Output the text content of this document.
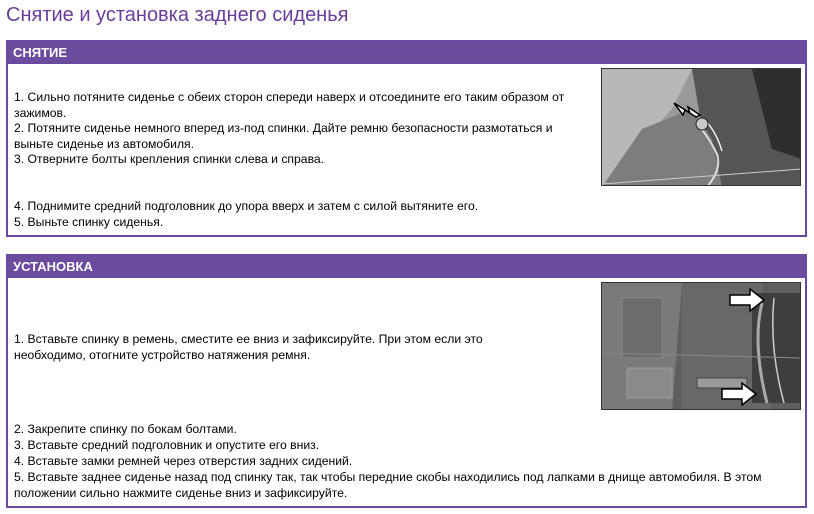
Снятие и установка заднего сиденья
СНЯТИЕ
1. Сильно потяните сиденье с обеих сторон спереди наверх и отсоедините его таким образом от зажимов.
2. Потяните сиденье немного вперед из-под спинки. Дайте ремню безопасности размотаться и выньте сиденье из автомобиля.
3. Отверните болты крепления спинки слева и справа.
4. Поднимите средний подголовник до упора вверх и затем с силой вытяните его.
5. Выньте спинку сиденья.
УСТАНОВКА
1. Вставьте спинку в ремень, сместите ее вниз и зафиксируйте. При этом если это необходимо, отогните устройство натяжения ремня.
2. Закрепите спинку по бокам болтами.
3. Вставьте средний подголовник и опустите его вниз.
4. Вставьте замки ремней через отверстия задних сидений.
5. Вставьте заднее сиденье назад под спинку так, так чтобы передние скобы находились под лапками в днище автомобиля. В этом положении сильно нажмите сиденье вниз и зафиксируйте.
